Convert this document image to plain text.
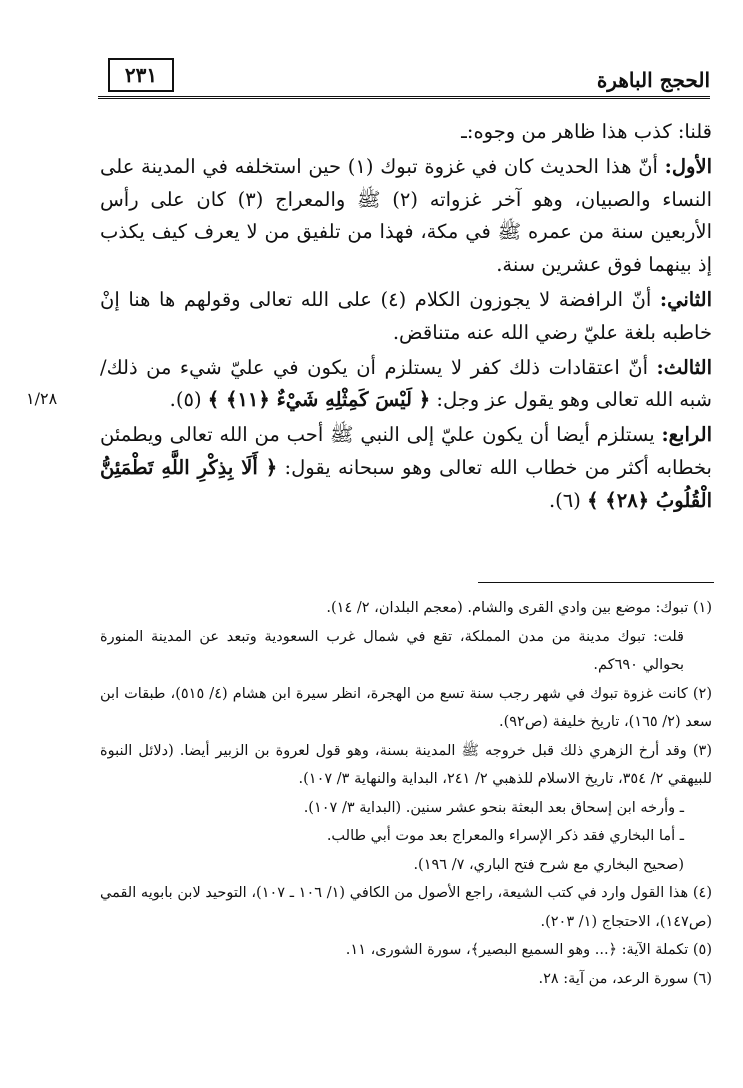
الحجج الباهرة
٢٣١
١/٢٨

قلنا: كذب هذا ظاهر من وجوه:ـ

الأول: أنّ هذا الحديث كان في غزوة تبوك (١) حين استخلفه في المدينة على النساء والصبيان، وهو آخر غزواته (٢) ﷺ والمعراج (٣) كان على رأس الأربعين سنة من عمره ﷺ في مكة، فهذا من تلفيق من لا يعرف كيف يكذب إذ بينهما فوق عشرين سنة.

الثاني: أنّ الرافضة لا يجوزون الكلام (٤) على الله تعالى وقولهم ها هنا إنْ خاطبه بلغة عليّ رضي الله عنه متناقض.

الثالث: أنّ اعتقادات ذلك كفر لا يستلزم أن يكون في عليّ شيء من ذلك/ شبه الله تعالى وهو يقول عز وجل: ﴿ لَيْسَ كَمِثْلِهِ شَيْءٌ ﴿١١﴾ ﴾ (٥).

الرابع: يستلزم أيضا أن يكون عليّ إلى النبي ﷺ أحب من الله تعالى ويطمئن بخطابه أكثر من خطاب الله تعالى وهو سبحانه يقول: ﴿ أَلَا بِذِكْرِ اللَّهِ تَطْمَئِنُّ الْقُلُوبُ ﴿٢٨﴾ ﴾ (٦).

(١) تبوك: موضع بين وادي القرى والشام. (معجم البلدان، ٢/ ١٤).

قلت: تبوك مدينة من مدن المملكة، تقع في شمال غرب السعودية وتبعد عن المدينة المنورة بحوالي ٦٩٠كم.

(٢) كانت غزوة تبوك في شهر رجب سنة تسع من الهجرة، انظر سيرة ابن هشام (٤/ ٥١٥)، طبقات ابن سعد (٢/ ١٦٥)، تاريخ خليفة (ص٩٢).

(٣) وقد أرخ الزهري ذلك قبل خروجه ﷺ المدينة بسنة، وهو قول لعروة بن الزبير أيضا. (دلائل النبوة للبيهقي ٢/ ٣٥٤، تاريخ الاسلام للذهبي ٢/ ٢٤١، البداية والنهاية ٣/ ١٠٧).

ـ وأرخه ابن إسحاق بعد البعثة بنحو عشر سنين. (البداية ٣/ ١٠٧).

ـ أما البخاري فقد ذكر الإسراء والمعراج بعد موت أبي طالب.

(صحيح البخاري مع شرح فتح الباري، ٧/ ١٩٦).

(٤) هذا القول وارد في كتب الشيعة، راجع الأصول من الكافي (١/ ١٠٦ ـ ١٠٧)، التوحيد لابن بابويه القمي (ص١٤٧)، الاحتجاج (١/ ٢٠٣).

(٥) تكملة الآية: ﴿... وهو السميع البصير﴾، سورة الشورى، ١١.

(٦) سورة الرعد، من آية: ٢٨.
